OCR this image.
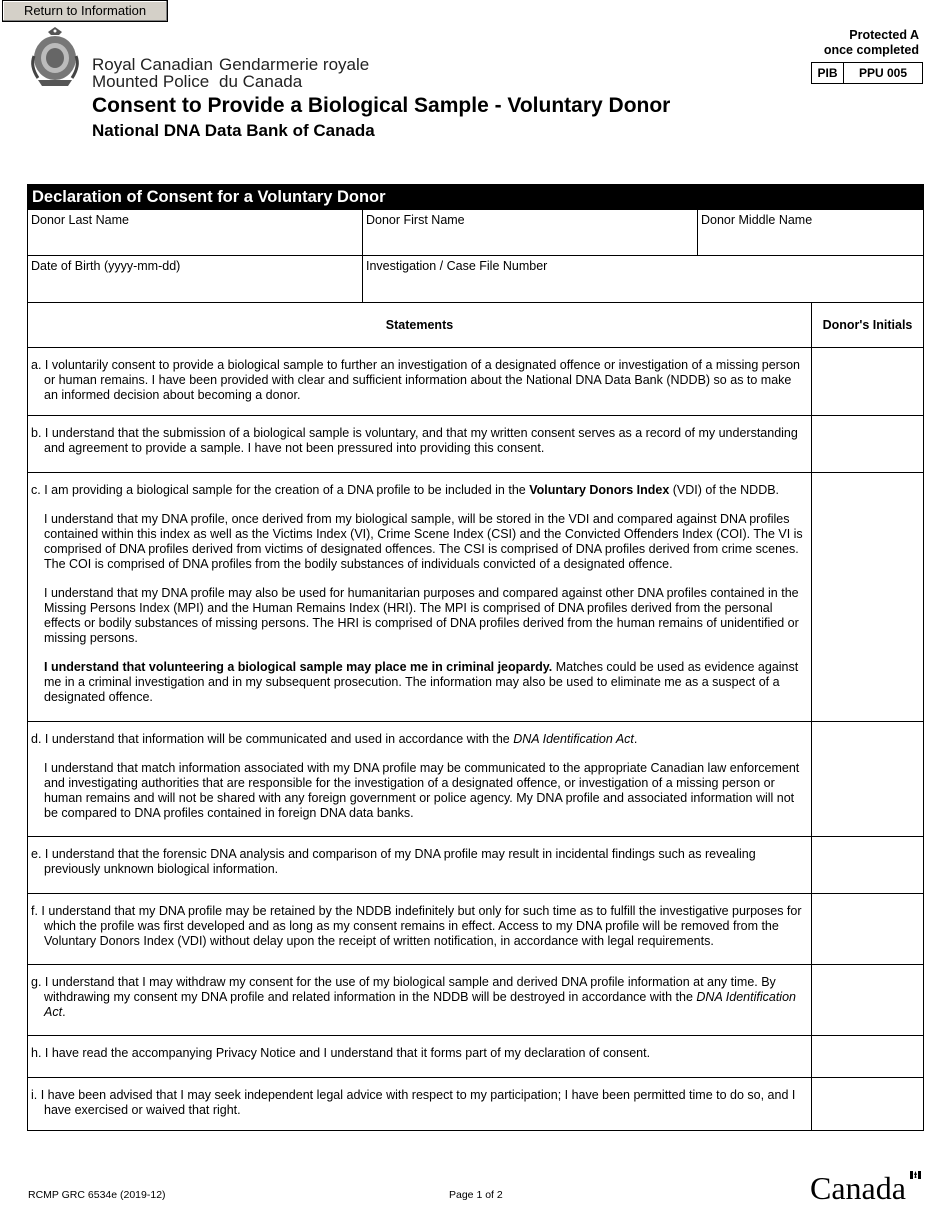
Return to Information
Royal Canadian
Mounted Police
Gendarmerie royale
du Canada
Protected A
once completed
PIB	PPU 005
Consent to Provide a Biological Sample - Voluntary Donor
National DNA Data Bank of Canada
Declaration of Consent for a Voluntary Donor
Donor Last Name	Donor First Name	Donor Middle Name
Date of Birth (yyyy-mm-dd)	Investigation / Case File Number
Statements	Donor's Initials

a. I voluntarily consent to provide a biological sample to further an investigation of a designated offence or investigation of a missing person or human remains. I have been provided with clear and sufficient information about the National DNA Data Bank (NDDB) so as to make an informed decision about becoming a donor.

b. I understand that the submission of a biological sample is voluntary, and that my written consent serves as a record of my understanding and agreement to provide a sample. I have not been pressured into providing this consent.

c. I am providing a biological sample for the creation of a DNA profile to be included in the Voluntary Donors Index (VDI) of the NDDB.

I understand that my DNA profile, once derived from my biological sample, will be stored in the VDI and compared against DNA profiles contained within this index as well as the Victims Index (VI), Crime Scene Index (CSI) and the Convicted Offenders Index (COI). The VI is comprised of DNA profiles derived from victims of designated offences. The CSI is comprised of DNA profiles derived from crime scenes. The COI is comprised of DNA profiles from the bodily substances of individuals convicted of a designated offence.

I understand that my DNA profile may also be used for humanitarian purposes and compared against other DNA profiles contained in the Missing Persons Index (MPI) and the Human Remains Index (HRI). The MPI is comprised of DNA profiles derived from the personal effects or bodily substances of missing persons. The HRI is comprised of DNA profiles derived from the human remains of unidentified or missing persons.

I understand that volunteering a biological sample may place me in criminal jeopardy. Matches could be used as evidence against me in a criminal investigation and in my subsequent prosecution. The information may also be used to eliminate me as a suspect of a designated offence.

d. I understand that information will be communicated and used in accordance with the DNA Identification Act.

I understand that match information associated with my DNA profile may be communicated to the appropriate Canadian law enforcement and investigating authorities that are responsible for the investigation of a designated offence, or investigation of a missing person or human remains and will not be shared with any foreign government or police agency. My DNA profile and associated information will not be compared to DNA profiles contained in foreign DNA data banks.

e. I understand that the forensic DNA analysis and comparison of my DNA profile may result in incidental findings such as revealing previously unknown biological information.

f. I understand that my DNA profile may be retained by the NDDB indefinitely but only for such time as to fulfill the investigative purposes for which the profile was first developed and as long as my consent remains in effect. Access to my DNA profile will be removed from the Voluntary Donors Index (VDI) without delay upon the receipt of written notification, in accordance with legal requirements.

g. I understand that I may withdraw my consent for the use of my biological sample and derived DNA profile information at any time. By withdrawing my consent my DNA profile and related information in the NDDB will be destroyed in accordance with the DNA Identification Act.

h. I have read the accompanying Privacy Notice and I understand that it forms part of my declaration of consent.

i. I have been advised that I may seek independent legal advice with respect to my participation; I have been permitted time to do so, and I have exercised or waived that right.

RCMP GRC 6534e (2019-12)	Page 1 of 2	Canada
